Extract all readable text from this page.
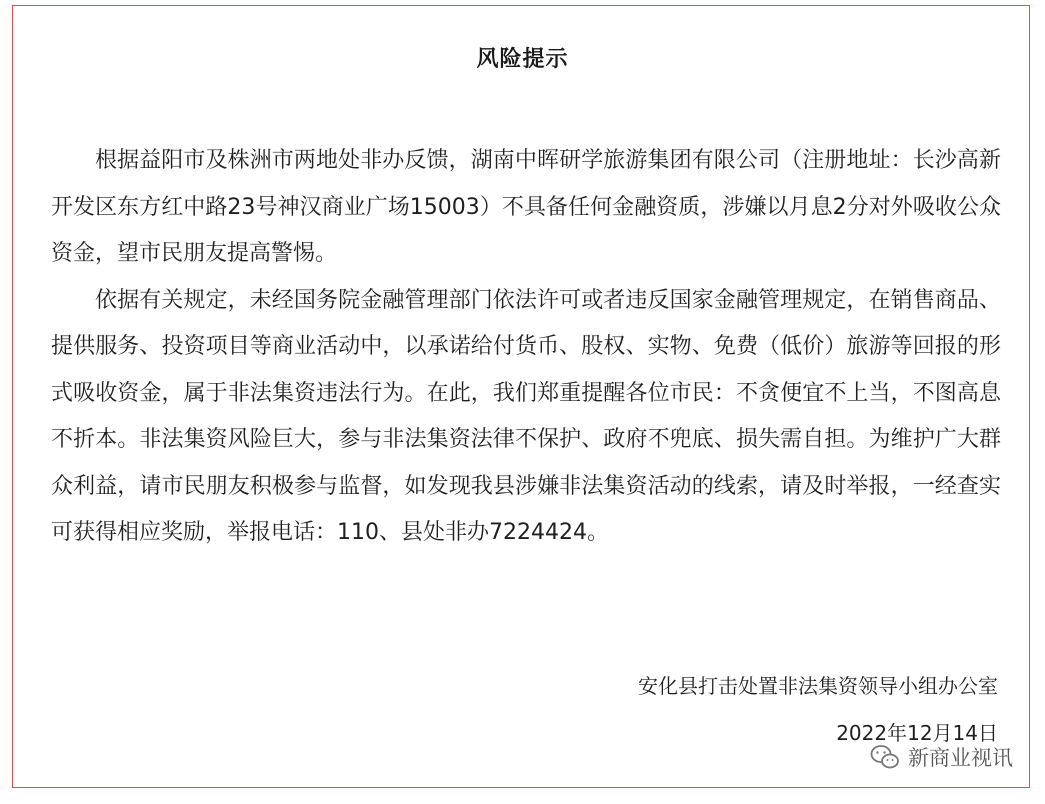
风险提示

根据益阳市及株洲市两地处非办反馈，湖南中晖研学旅游集团有限公司（注册地址：长沙高新开发区东方红中路23号神汉商业广场15003）不具备任何金融资质，涉嫌以月息2分对外吸收公众资金，望市民朋友提高警惕。

依据有关规定，未经国务院金融管理部门依法许可或者违反国家金融管理规定，在销售商品、提供服务、投资项目等商业活动中，以承诺给付货币、股权、实物、免费（低价）旅游等回报的形式吸收资金，属于非法集资违法行为。在此，我们郑重提醒各位市民：不贪便宜不上当，不图高息不折本。非法集资风险巨大，参与非法集资法律不保护、政府不兜底、损失需自担。为维护广大群众利益，请市民朋友积极参与监督，如发现我县涉嫌非法集资活动的线索，请及时举报，一经查实可获得相应奖励，举报电话：110、县处非办7224424。

安化县打击处置非法集资领导小组办公室
2022年12月14日
新商业视讯
